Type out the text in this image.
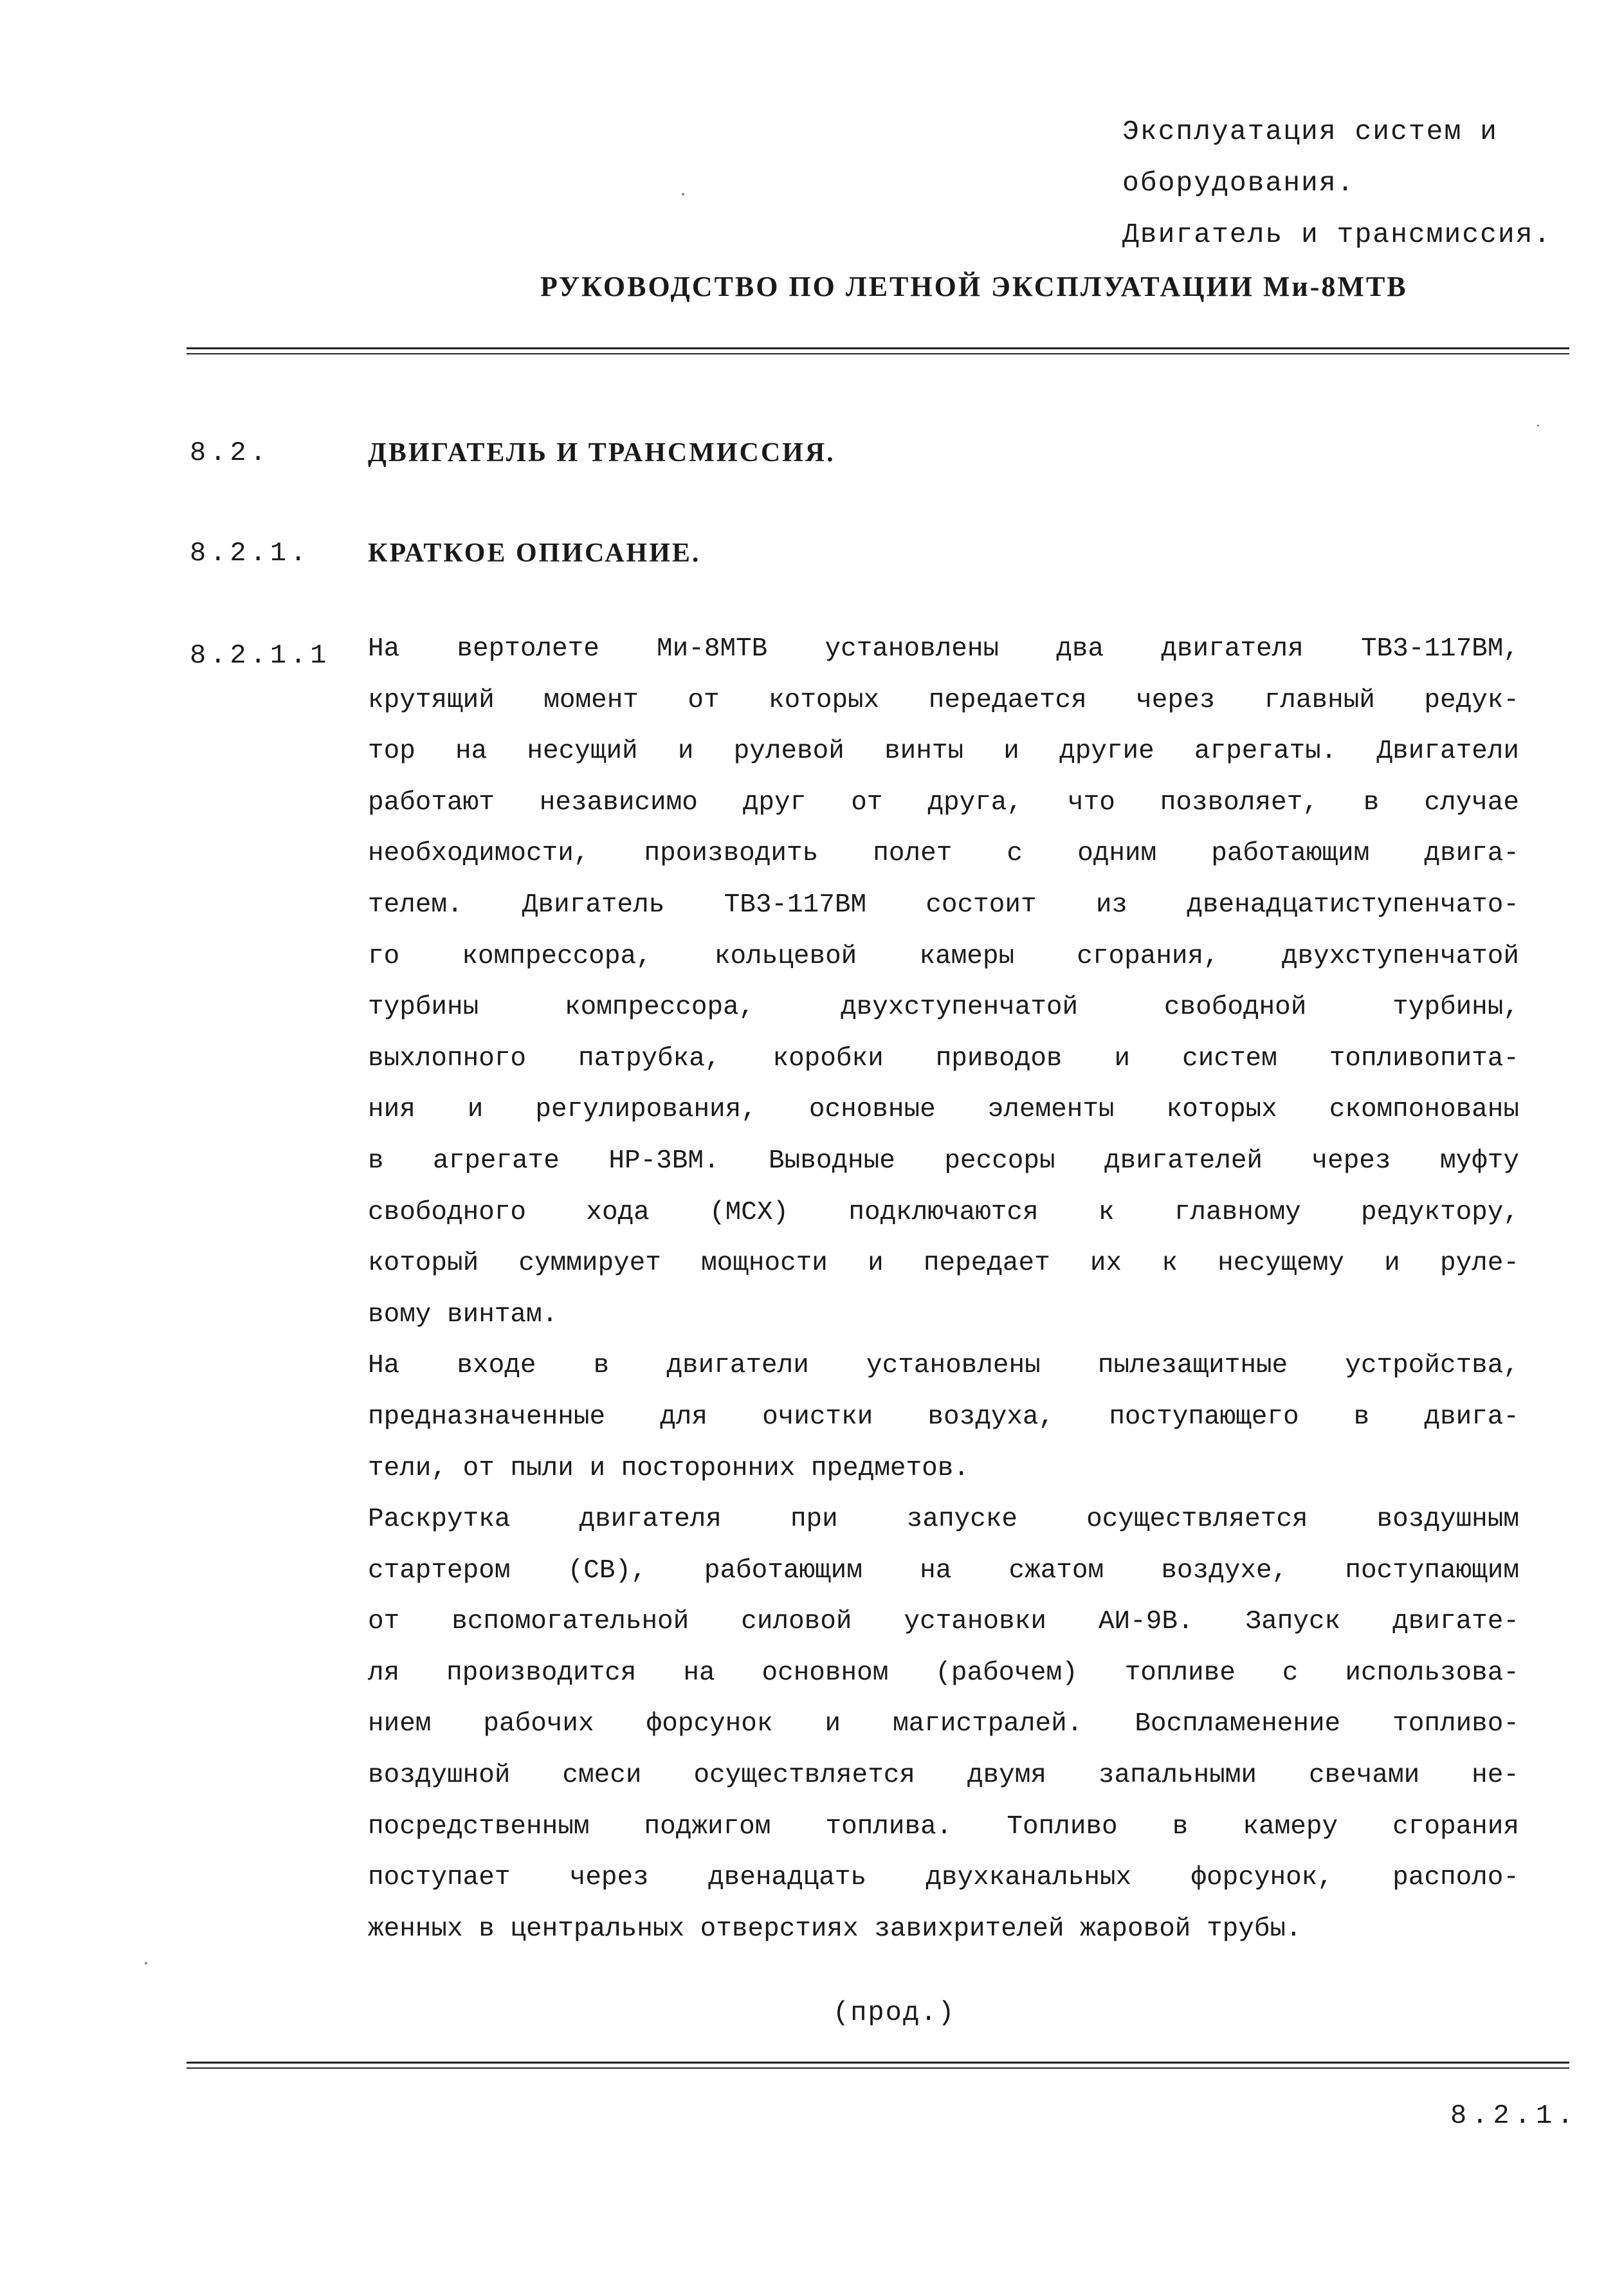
Эксплуатация систем и
оборудования.
Двигатель и трансмиссия.
РУКОВОДСТВО ПО ЛЕТНОЙ ЭКСПЛУАТАЦИИ Ми-8МТВ
8.2.	ДВИГАТЕЛЬ И ТРАНСМИССИЯ.
8.2.1. КРАТКОЕ ОПИСАНИЕ.
8.2.1.1 На вертолете Ми-8МТВ установлены два двигателя ТВ3-117ВМ,
крутящий момент от которых передается через главный редук-
тор на несущий и рулевой винты и другие агрегаты. Двигатели
работают независимо друг от друга, что позволяет, в случае
необходимости, производить полет с одним работающим двига-
телем. Двигатель ТВ3-117ВМ состоит из двенадцатиступенчато-
го компрессора, кольцевой камеры сгорания, двухступенчатой
турбины компрессора, двухступенчатой свободной турбины,
выхлопного патрубка, коробки приводов и систем топливопита-
ния и регулирования, основные элементы которых скомпонованы
в агрегате НР-3ВМ. Выводные рессоры двигателей через муфту
свободного хода (МСХ) подключаются к главному редуктору,
который суммирует мощности и передает их к несущему и руле-
вому винтам.
На входе в двигатели установлены пылезащитные устройства,
предназначенные для очистки воздуха, поступающего в двига-
тели, от пыли и посторонних предметов.
Раскрутка двигателя при запуске осуществляется воздушным
стартером (СВ), работающим на сжатом воздухе, поступающим
от вспомогательной силовой установки АИ-9В. Запуск двигате-
ля производится на основном (рабочем) топливе с использова-
нием рабочих форсунок и магистралей. Воспламенение топливо-
воздушной смеси осуществляется двумя запальными свечами не-
посредственным поджигом топлива. Топливо в камеру сгорания
поступает через двенадцать двухканальных форсунок, располо-
женных в центральных отверстиях завихрителей жаровой трубы.
(прод.)
8.2.1.
